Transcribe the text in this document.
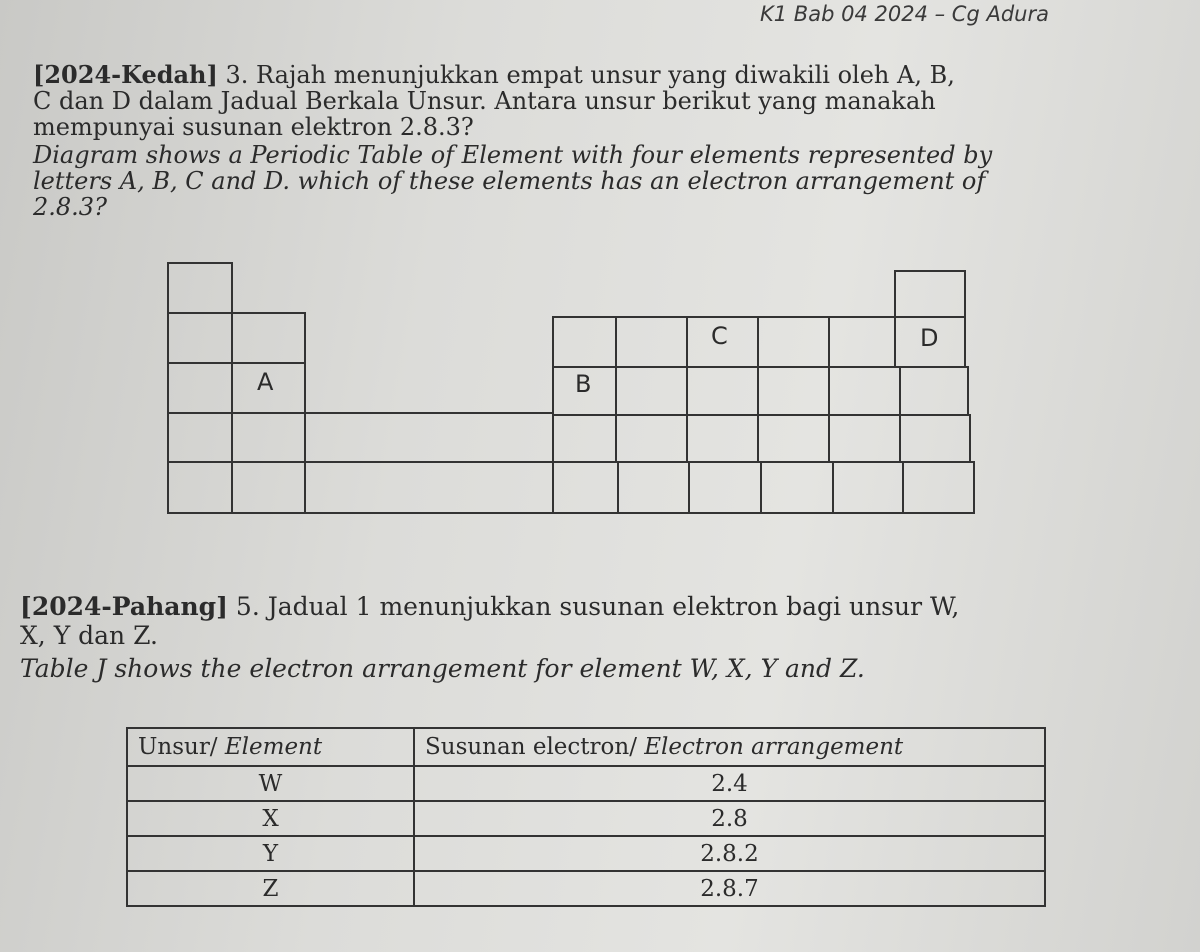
K1 Bab 04 2024 – Cg Adura
[2024-Kedah] 3. Rajah menunjukkan empat unsur yang diwakili oleh A, B,
C dan D dalam Jadual Berkala Unsur. Antara unsur berikut yang manakah
mempunyai susunan elektron 2.8.3?
Diagram shows a Periodic Table of Element with four elements represented by
letters A, B, C and D. which of these elements has an electron arrangement of
2.8.3?
A	B
C	D
[2024-Pahang] 5. Jadual 1 menunjukkan susunan elektron bagi unsur W,
X, Y dan Z.
Table J shows the electron arrangement for element W, X, Y and Z.
Unsur/ Element	Susunan electron/ Electron arrangement
W	2.4
X	2.8
Y	2.8.2
Z	2.8.7
